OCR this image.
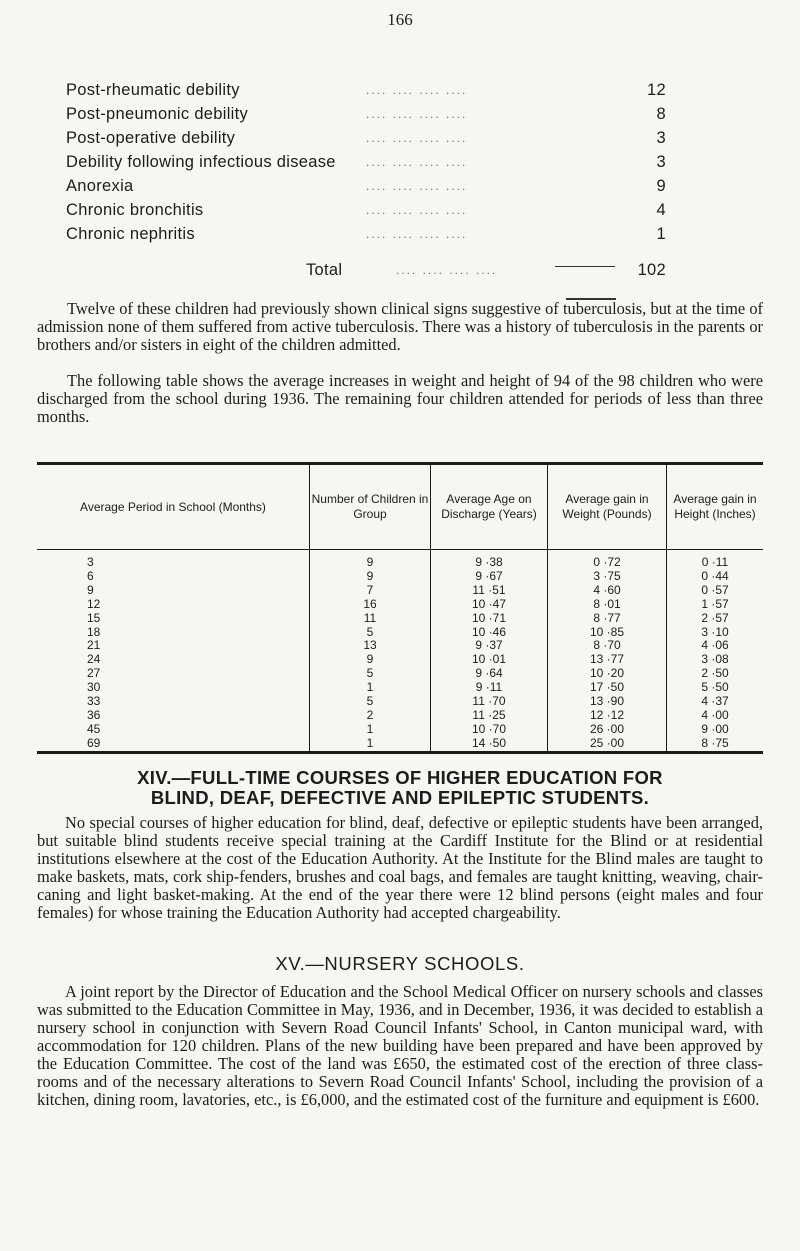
166
Post-rheumatic debility	.... .... .... ....	12
Post-pneumonic debility	.... .... .... ....	8
Post-operative debility	.... .... .... ....	3
Debility following infectious disease	.... .... .... ....	3
Anorexia	.... .... .... ....	9
Chronic bronchitis	.... .... .... ....	4
Chronic nephritis	.... .... .... ....	1
Total	.... .... .... ....	102

Twelve of these children had previously shown clinical signs suggestive of tuberculosis, but at the time of admission none of them suffered from active tuberculosis. There was a history of tuberculosis in the parents or brothers and/or sisters in eight of the children admitted.

The following table shows the average increases in weight and height of 94 of the 98 children who were discharged from the school during 1936. The remaining four children attended for periods of less than three months.

Average Period in School (Months)	Number of Children in Group	Average Age on Discharge (Years)	Average gain in Weight (Pounds)	Average gain in Height (Inches)
3	9	9 ·38	0 ·72	0 ·11
6	9	9 ·67	3 ·75	0 ·44
9	7	11 ·51	4 ·60	0 ·57
12	16	10 ·47	8 ·01	1 ·57
15	11	10 ·71	8 ·77	2 ·57
18	5	10 ·46	10 ·85	3 ·10
21	13	9 ·37	8 ·70	4 ·06
24	9	10 ·01	13 ·77	3 ·08
27	5	9 ·64	10 ·20	2 ·50
30	1	9 ·11	17 ·50	5 ·50
33	5	11 ·70	13 ·90	4 ·37
36	2	11 ·25	12 ·12	4 ·00
45	1	10 ·70	26 ·00	9 ·00
69	1	14 ·50	25 ·00	8 ·75
XIV.—FULL-TIME COURSES OF HIGHER EDUCATION FOR
BLIND, DEAF, DEFECTIVE AND EPILEPTIC STUDENTS.

No special courses of higher education for blind, deaf, defective or epileptic students have been arranged, but suitable blind students receive special training at the Cardiff Institute for the Blind or at residential institutions elsewhere at the cost of the Education Authority. At the Institute for the Blind males are taught to make baskets, mats, cork ship-fenders, brushes and coal bags, and females are taught knitting, weaving, chair-caning and light basket-making. At the end of the year there were 12 blind persons (eight males and four females) for whose training the Education Authority had accepted chargeability.

XV.—NURSERY SCHOOLS.

A joint report by the Director of Education and the School Medical Officer on nursery schools and classes was submitted to the Education Committee in May, 1936, and in December, 1936, it was decided to establish a nursery school in conjunction with Severn Road Council Infants' School, in Canton municipal ward, with accommodation for 120 children. Plans of the new building have been prepared and have been approved by the Education Committee. The cost of the land was £650, the estimated cost of the erection of three class-rooms and of the necessary alterations to Severn Road Council Infants' School, including the provision of a kitchen, dining room, lavatories, etc., is £6,000, and the estimated cost of the furniture and equipment is £600.
